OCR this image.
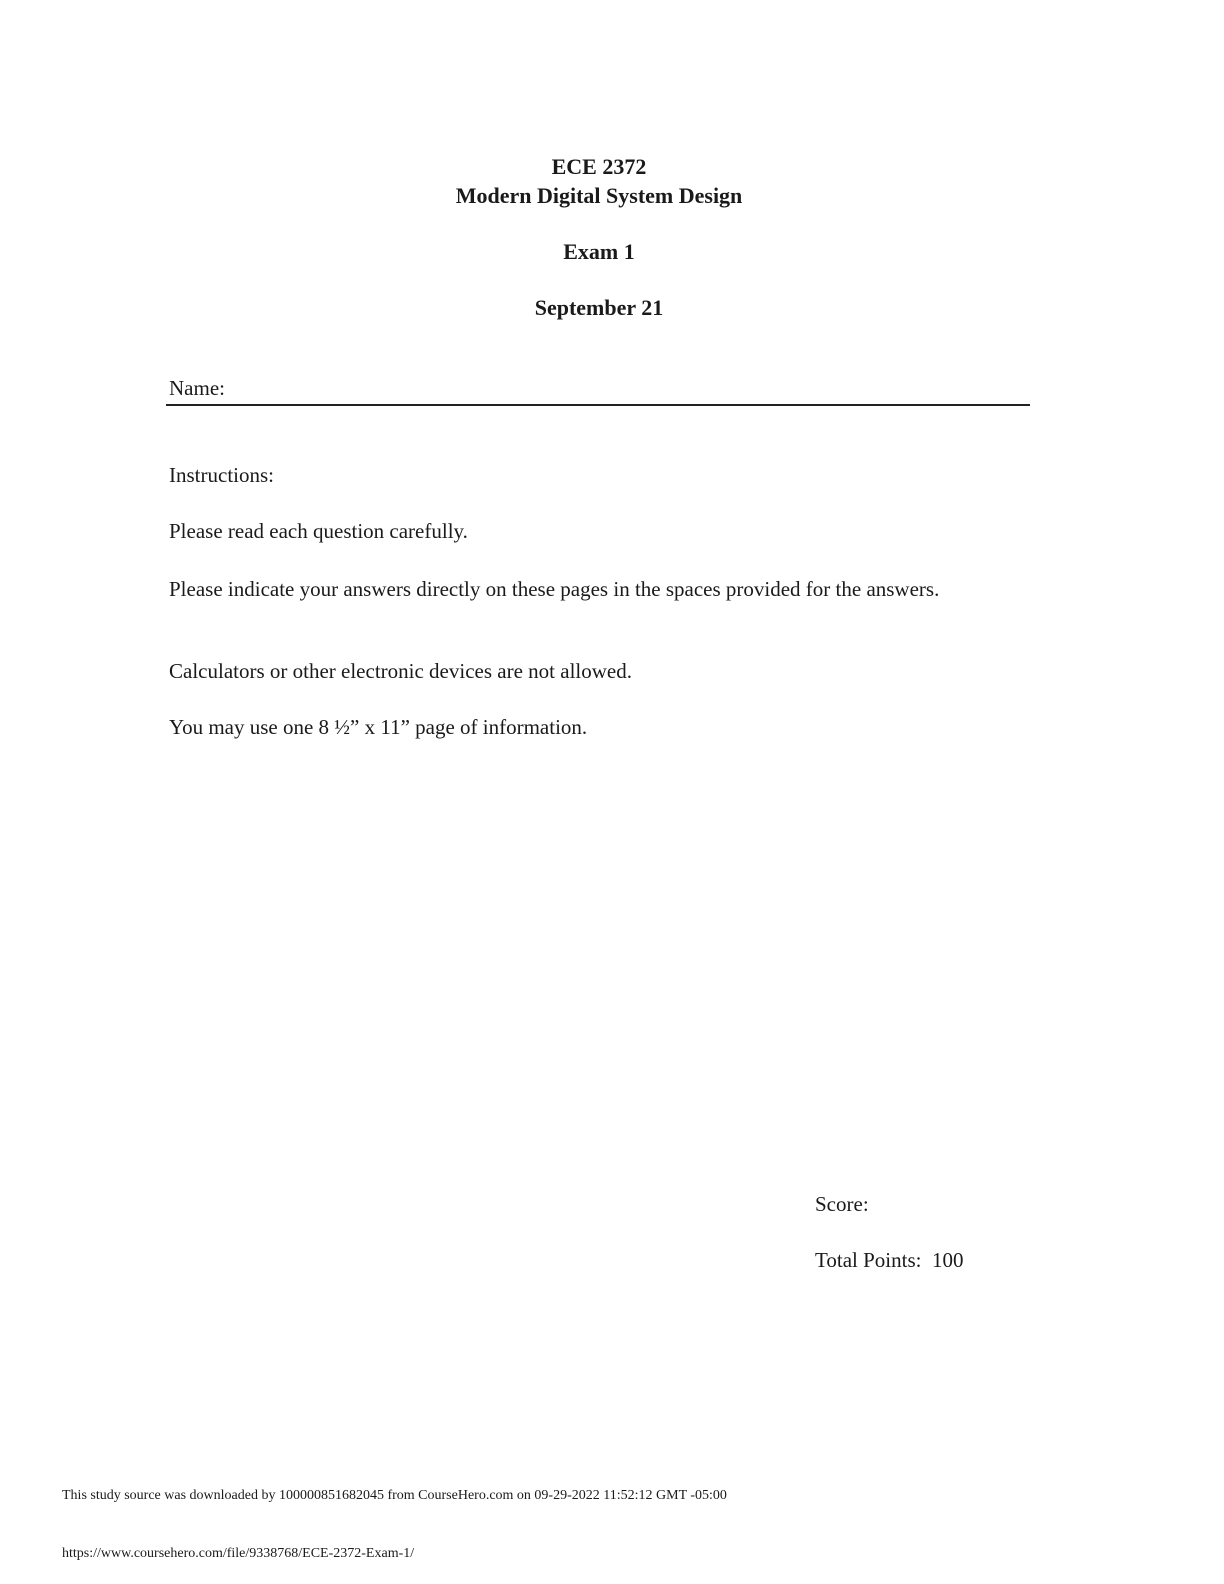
ECE 2372
Modern Digital System Design
Exam 1
September 21
Name:
Instructions:
Please read each question carefully.
Please indicate your answers directly on these pages in the spaces provided for the answers.
Calculators or other electronic devices are not allowed.
You may use one 8 ½” x 11” page of information.
Score:
Total Points:  100
This study source was downloaded by 100000851682045 from CourseHero.com on 09-29-2022 11:52:12 GMT -05:00
https://www.coursehero.com/file/9338768/ECE-2372-Exam-1/
